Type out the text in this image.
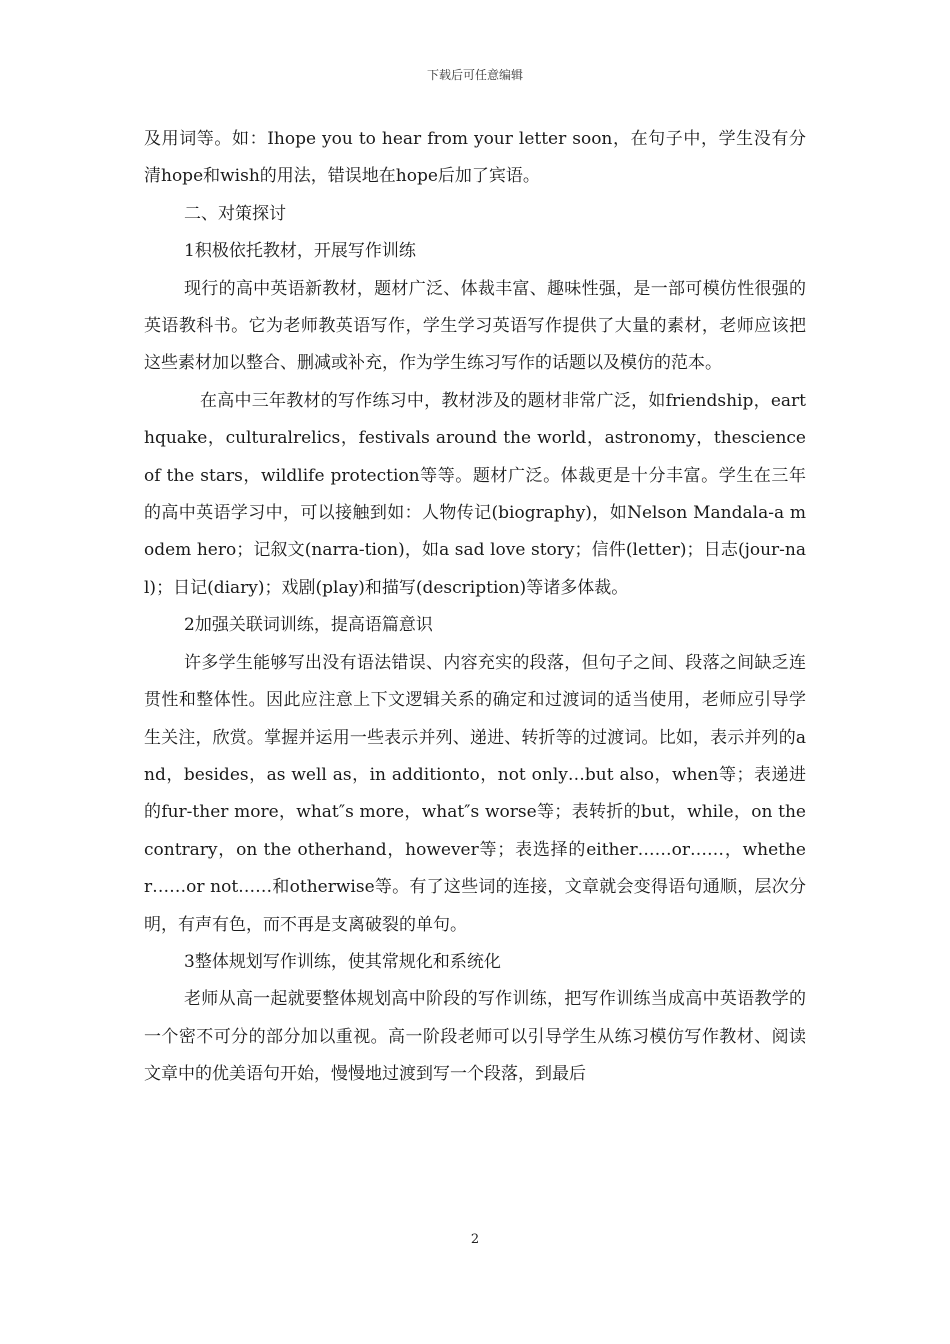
下载后可任意编辑

及用词等。如：Ihope you to hear from your letter soon，在句子中，学生没有分清hope和wish的用法，错误地在hope后加了宾语。

二、对策探讨

1积极依托教材，开展写作训练

现行的高中英语新教材，题材广泛、体裁丰富、趣味性强，是一部可模仿性很强的英语教科书。它为老师教英语写作，学生学习英语写作提供了大量的素材，老师应该把这些素材加以整合、删减或补充，作为学生练习写作的话题以及模仿的范本。

在高中三年教材的写作练习中，教材涉及的题材非常广泛，如friendship，earthquake，culturalrelics，festivals around the world，astronomy，thescience of the stars，wildlife protection等等。题材广泛。体裁更是十分丰富。学生在三年的高中英语学习中，可以接触到如：人物传记(biography)，如Nelson Mandala-a modem hero；记叙文(narra-tion)，如a sad love story；信件(letter)；日志(jour-nal)；日记(diary)；戏剧(play)和描写(description)等诸多体裁。

2加强关联词训练，提高语篇意识

许多学生能够写出没有语法错误、内容充实的段落，但句子之间、段落之间缺乏连贯性和整体性。因此应注意上下文逻辑关系的确定和过渡词的适当使用，老师应引导学生关注，欣赏。掌握并运用一些表示并列、递进、转折等的过渡词。比如，表示并列的and，besides，as well as，in additionto，not only…but also，when等；表递进的fur-ther more，what″s more，what″s worse等；表转折的but，while，on the contrary，on the otherhand，however等；表选择的either……or……，whether……or not……和otherwise等。有了这些词的连接，文章就会变得语句通顺，层次分明，有声有色，而不再是支离破裂的单句。

3整体规划写作训练，使其常规化和系统化

老师从高一起就要整体规划高中阶段的写作训练，把写作训练当成高中英语教学的一个密不可分的部分加以重视。高一阶段老师可以引导学生从练习模仿写作教材、阅读文章中的优美语句开始，慢慢地过渡到写一个段落，到最后

2
